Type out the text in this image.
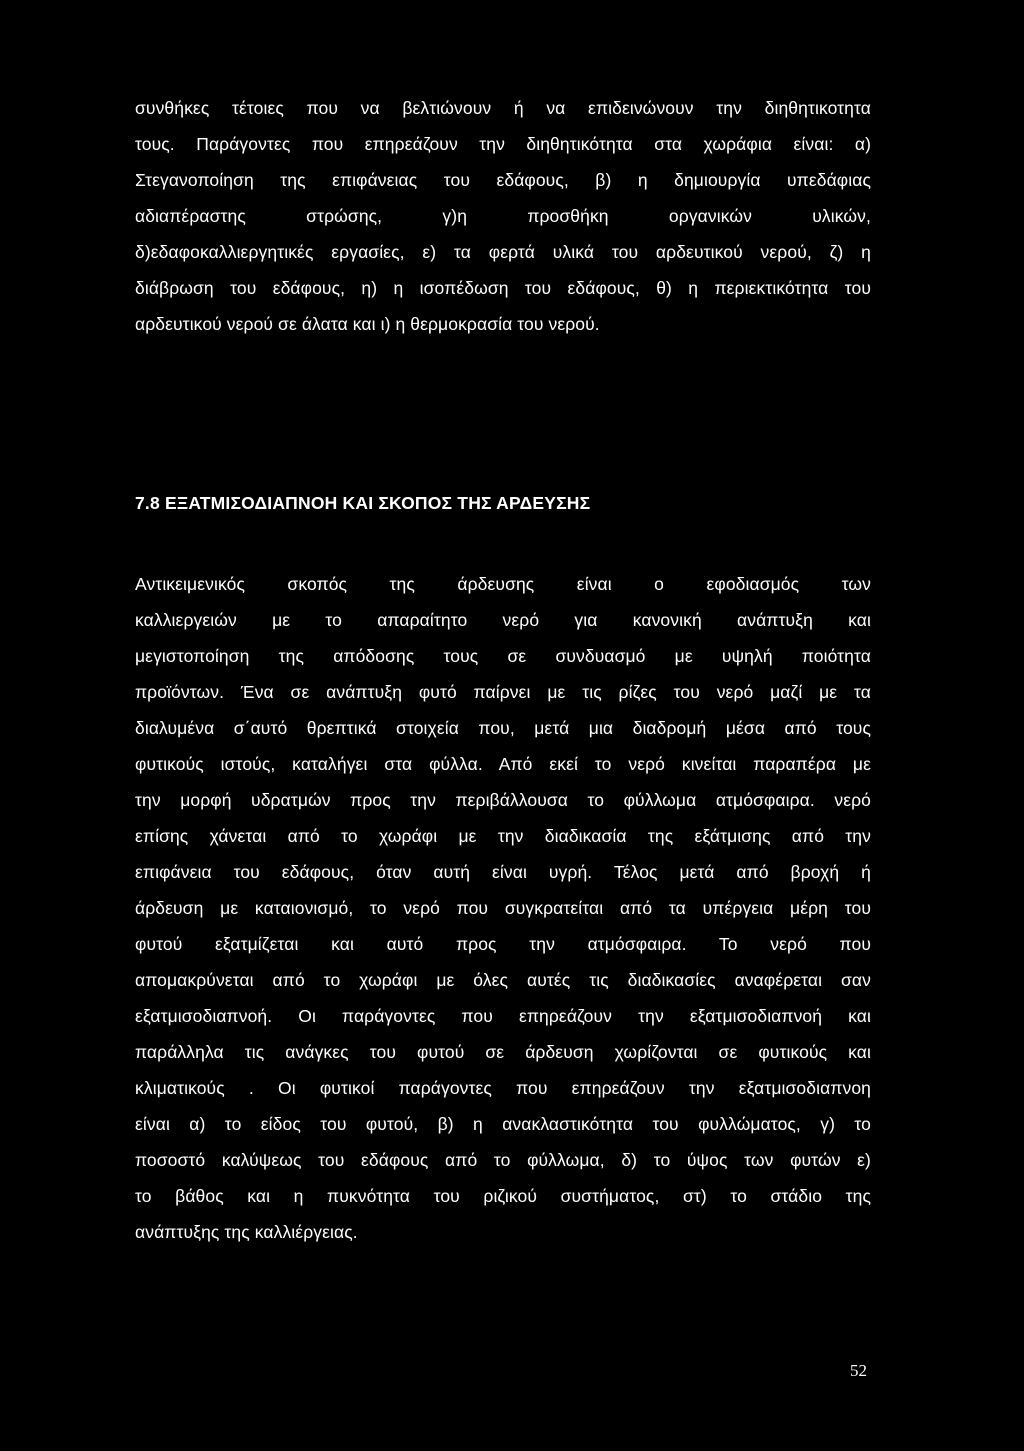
συνθήκες τέτοιες που να βελτιώνουν ή να επιδεινώνουν την διηθητικοτητα
τους. Παράγοντες που επηρεάζουν την διηθητικότητα στα χωράφια είναι: α)
Στεγανοποίηση της επιφάνειας του εδάφους, β) η δημιουργία υπεδάφιας
αδιαπέραστης στρώσης, γ)η προσθήκη οργανικών υλικών,
δ)εδαφοκαλλιεργητικές εργασίες, ε) τα φερτά υλικά του αρδευτικού νερού, ζ) η
διάβρωση του εδάφους, η) η ισοπέδωση του εδάφους, θ) η περιεκτικότητα του
αρδευτικού νερού σε άλατα και ι) η θερμοκρασία του νερού.
7.8 ΕΞΑΤΜΙΣΟΔΙΑΠΝΟΗ ΚΑΙ ΣΚΟΠΟΣ ΤΗΣ ΑΡΔΕΥΣΗΣ
Αντικειμενικός σκοπός της άρδευσης είναι ο εφοδιασμός των
καλλιεργειών με το απαραίτητο νερό για κανονική ανάπτυξη και
μεγιστοποίηση της απόδοσης τους σε συνδυασμό με υψηλή ποιότητα
προϊόντων. Ένα σε ανάπτυξη φυτό παίρνει με τις ρίζες του νερό μαζί με τα
διαλυμένα σ΄αυτό θρεπτικά στοιχεία που, μετά μια διαδρομή μέσα από τους
φυτικούς ιστούς, καταλήγει στα φύλλα. Από εκεί το νερό κινείται παραπέρα με
την μορφή υδρατμών προς την περιβάλλουσα το φύλλωμα ατμόσφαιρα. νερό
επίσης χάνεται από το χωράφι με την διαδικασία της εξάτμισης από την
επιφάνεια του εδάφους, όταν αυτή είναι υγρή. Τέλος μετά από βροχή ή
άρδευση με καταιονισμό, το νερό που συγκρατείται από τα υπέργεια μέρη του
φυτού εξατμίζεται και αυτό προς την ατμόσφαιρα. Το νερό που
απομακρύνεται από το χωράφι με όλες αυτές τις διαδικασίες αναφέρεται σαν
εξατμισοδιαπνοή. Οι παράγοντες που επηρεάζουν την εξατμισοδιαπνοή και
παράλληλα τις ανάγκες του φυτού σε άρδευση χωρίζονται σε φυτικούς και
κλιματικούς . Οι φυτικοί παράγοντες που επηρεάζουν την εξατμισοδιαπνοη
είναι α) το είδος του φυτού, β) η ανακλαστικότητα του φυλλώματος, γ) το
ποσοστό καλύψεως του εδάφους από το φύλλωμα, δ) το ύψος των φυτών ε)
το βάθος και η πυκνότητα του ριζικού συστήματος, στ) το στάδιο της
ανάπτυξης της καλλιέργειας.
52
